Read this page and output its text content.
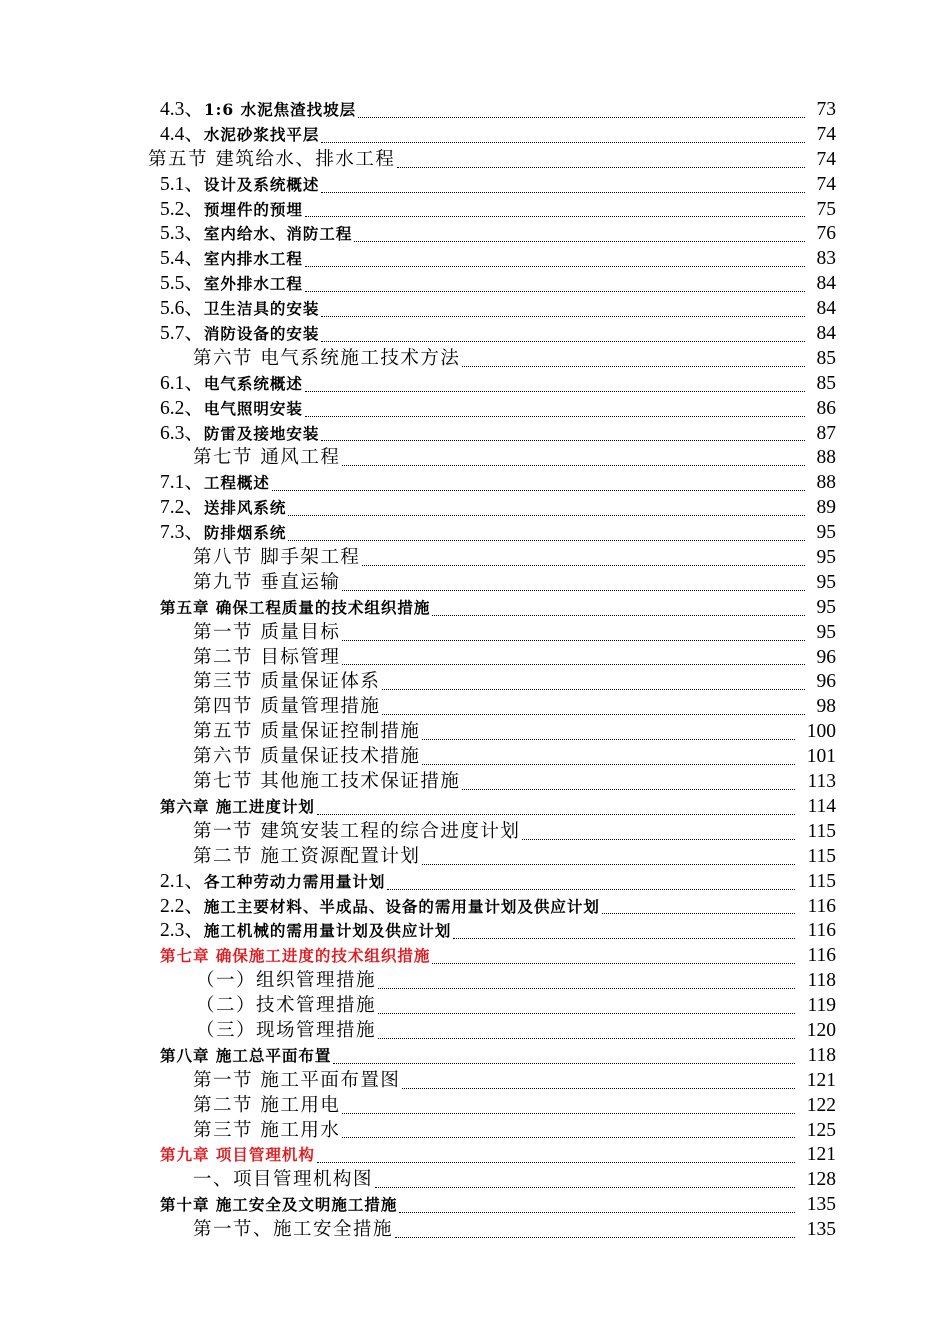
4.3、 1:6 水泥焦渣找坡层	73
4.4、 水泥砂浆找平层	74
第五节 建筑给水、排水工程	74
5.1、 设计及系统概述	74
5.2、 预埋件的预埋	75
5.3、 室内给水、消防工程	76
5.4、 室内排水工程	83
5.5、 室外排水工程	84
5.6、 卫生洁具的安装	84
5.7、 消防设备的安装	84
第六节 电气系统施工技术方法	85
6.1、 电气系统概述	85
6.2、 电气照明安装	86
6.3、 防雷及接地安装	87
第七节 通风工程	88
7.1、 工程概述	88
7.2、 送排风系统	89
7.3、 防排烟系统	95
第八节 脚手架工程	95
第九节 垂直运输	95
第五章 确保工程质量的技术组织措施	95
第一节 质量目标	95
第二节 目标管理	96
第三节 质量保证体系	96
第四节 质量管理措施	98
第五节 质量保证控制措施	100
第六节 质量保证技术措施	101
第七节 其他施工技术保证措施	113
第六章 施工进度计划	114
第一节 建筑安装工程的综合进度计划	115
第二节 施工资源配置计划	115
2.1、 各工种劳动力需用量计划	115
2.2、 施工主要材料、半成品、设备的需用量计划及供应计划	116
2.3、 施工机械的需用量计划及供应计划	116
第七章 确保施工进度的技术组织措施	116
（一）组织管理措施	118
（二）技术管理措施	119
（三）现场管理措施	120
第八章 施工总平面布置	118
第一节 施工平面布置图	121
第二节 施工用电	122
第三节 施工用水	125
第九章 项目管理机构	121
一、项目管理机构图	128
第十章 施工安全及文明施工措施	135
第一节、施工安全措施	135
